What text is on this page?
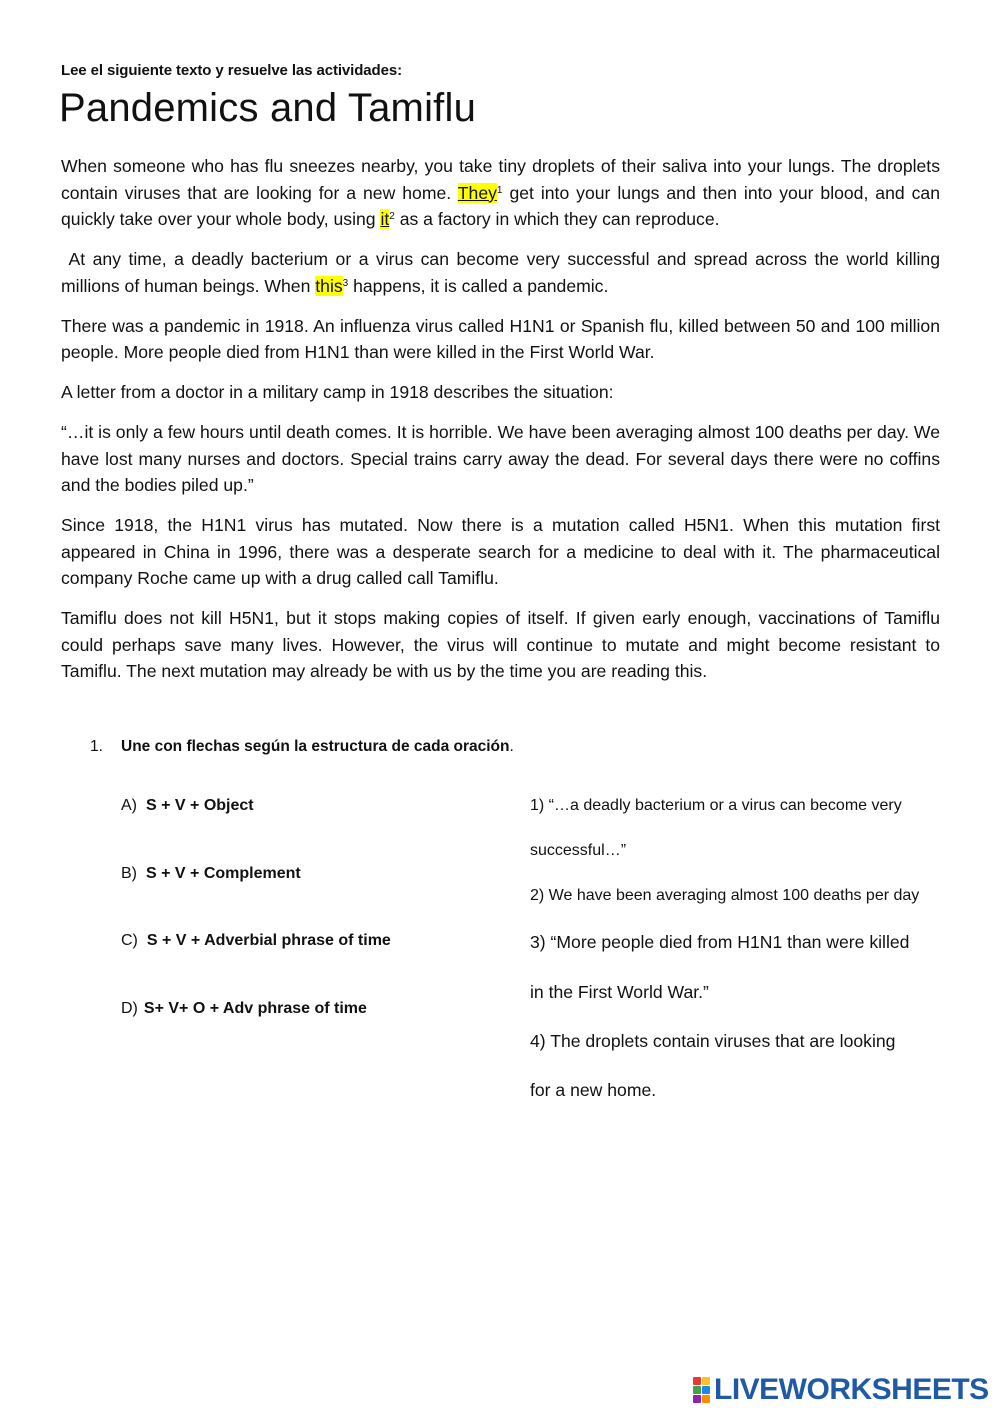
Lee el siguiente texto y resuelve las actividades:
Pandemics and Tamiflu

When someone who has flu sneezes nearby, you take tiny droplets of their saliva into your lungs. The droplets contain viruses that are looking for a new home. They$^1$ get into your lungs and then into your blood, and can quickly take over your whole body, using $it^2$ as a factory in which they can reproduce.

At any time, a deadly bacterium or a virus can become very successful and spread across the world killing millions of human beings. When this$^3$ happens, it is called a pandemic.

There was a pandemic in 1918. An influenza virus called H1N1 or Spanish flu, killed between 50 and 100 million people. More people died from H1N1 than were killed in the First World War.

A letter from a doctor in a military camp in 1918 describes the situation:

“…it is only a few hours until death comes. It is horrible. We have been averaging almost 100 deaths per day. We have lost many nurses and doctors. Special trains carry away the dead. For several days there were no coffins and the bodies piled up.”

Since 1918, the H1N1 virus has mutated. Now there is a mutation called H5N1. When this mutation first appeared in China in 1996, there was a desperate search for a medicine to deal with it. The pharmaceutical company Roche came up with a drug called call Tamiflu.

Tamiflu does not kill H5N1, but it stops making copies of itself. If given early enough, vaccinations of Tamiflu could perhaps save many lives. However, the virus will continue to mutate and might become resistant to Tamiflu. The next mutation may already be with us by the time you are reading this.

1. Une con flechas según la estructura de cada oración.
A) S + V + Object
B) S + V + Complement
C) S + V + Adverbial phrase of time
D) S+ V+ O + Adv phrase of time
1) “…a deadly bacterium or a virus can become very
successful…”
2) We have been averaging almost 100 deaths per day
3) “More people died from H1N1 than were killed
in the First World War.”
4) The droplets contain viruses that are looking
for a new home.
LIVEWORKSHEETS
